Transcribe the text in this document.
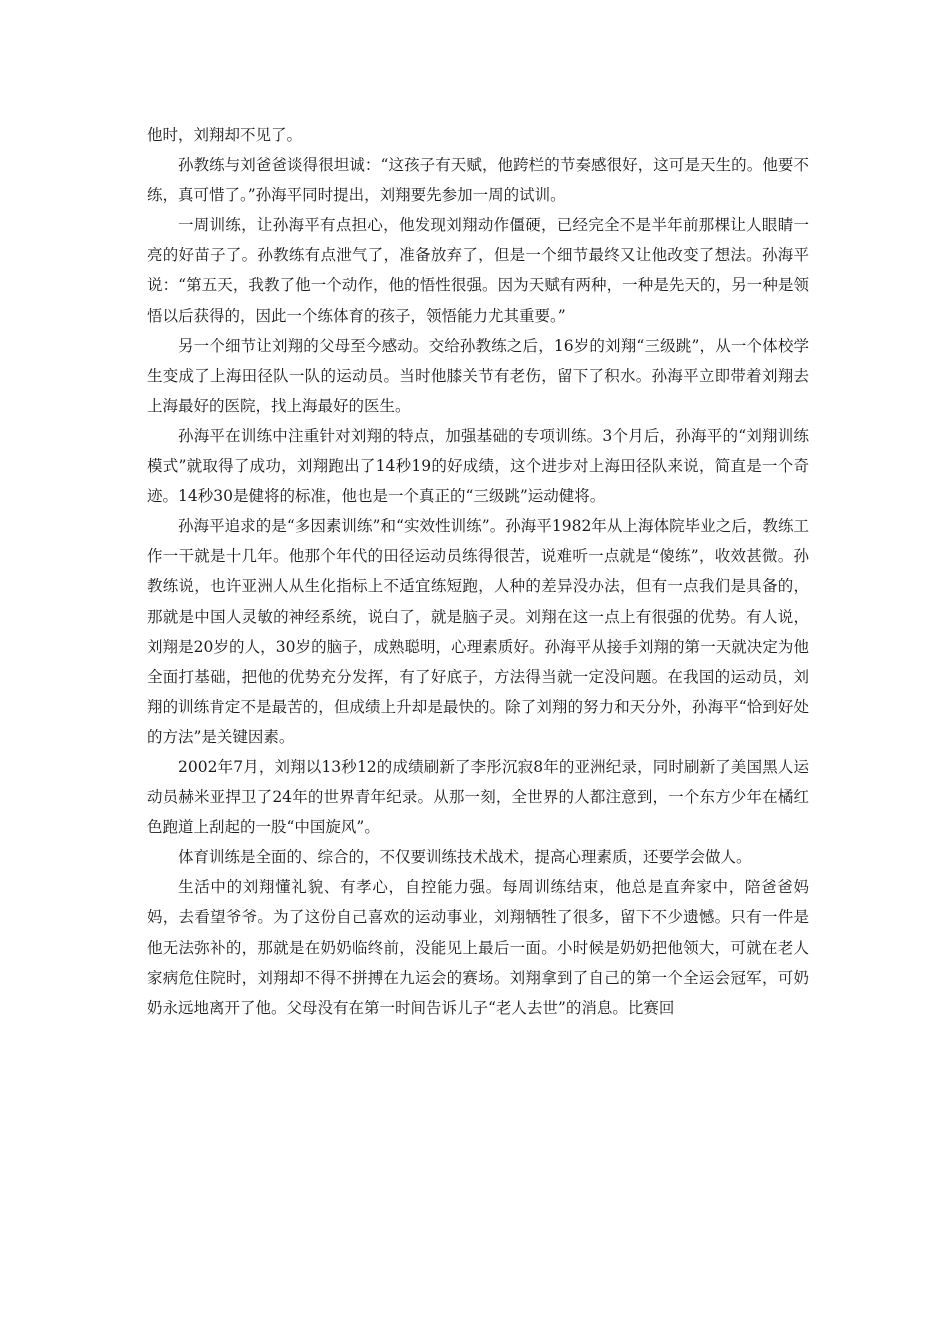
他时，刘翔却不见了。

孙教练与刘爸爸谈得很坦诚：“这孩子有天赋，他跨栏的节奏感很好，这可是天生的。他要不练，真可惜了。”孙海平同时提出，刘翔要先参加一周的试训。

一周训练，让孙海平有点担心，他发现刘翔动作僵硬，已经完全不是半年前那棵让人眼睛一亮的好苗子了。孙教练有点泄气了，准备放弃了，但是一个细节最终又让他改变了想法。孙海平说：“第五天，我教了他一个动作，他的悟性很强。因为天赋有两种，一种是先天的，另一种是领悟以后获得的，因此一个练体育的孩子，领悟能力尤其重要。”

另一个细节让刘翔的父母至今感动。交给孙教练之后，16岁的刘翔“三级跳”，从一个体校学生变成了上海田径队一队的运动员。当时他膝关节有老伤，留下了积水。孙海平立即带着刘翔去上海最好的医院，找上海最好的医生。

孙海平在训练中注重针对刘翔的特点，加强基础的专项训练。3个月后，孙海平的“刘翔训练模式”就取得了成功，刘翔跑出了14秒19的好成绩，这个进步对上海田径队来说，简直是一个奇迹。14秒30是健将的标准，他也是一个真正的“三级跳”运动健将。

孙海平追求的是“多因素训练”和“实效性训练”。孙海平1982年从上海体院毕业之后，教练工作一干就是十几年。他那个年代的田径运动员练得很苦，说难听一点就是“傻练”，收效甚微。孙教练说，也许亚洲人从生化指标上不适宜练短跑，人种的差异没办法，但有一点我们是具备的，那就是中国人灵敏的神经系统，说白了，就是脑子灵。刘翔在这一点上有很强的优势。有人说，刘翔是20岁的人，30岁的脑子，成熟聪明，心理素质好。孙海平从接手刘翔的第一天就决定为他全面打基础，把他的优势充分发挥，有了好底子，方法得当就一定没问题。在我国的运动员，刘翔的训练肯定不是最苦的，但成绩上升却是最快的。除了刘翔的努力和天分外，孙海平“恰到好处的方法”是关键因素。

2002年7月，刘翔以13秒12的成绩刷新了李彤沉寂8年的亚洲纪录，同时刷新了美国黑人运动员赫米亚捍卫了24年的世界青年纪录。从那一刻，全世界的人都注意到，一个东方少年在橘红色跑道上刮起的一股“中国旋风”。

体育训练是全面的、综合的，不仅要训练技术战术，提高心理素质，还要学会做人。

生活中的刘翔懂礼貌、有孝心，自控能力强。每周训练结束，他总是直奔家中，陪爸爸妈妈，去看望爷爷。为了这份自己喜欢的运动事业，刘翔牺牲了很多，留下不少遗憾。只有一件是他无法弥补的，那就是在奶奶临终前，没能见上最后一面。小时候是奶奶把他领大，可就在老人家病危住院时，刘翔却不得不拼搏在九运会的赛场。刘翔拿到了自己的第一个全运会冠军，可奶奶永远地离开了他。父母没有在第一时间告诉儿子“老人去世”的消息。比赛回
